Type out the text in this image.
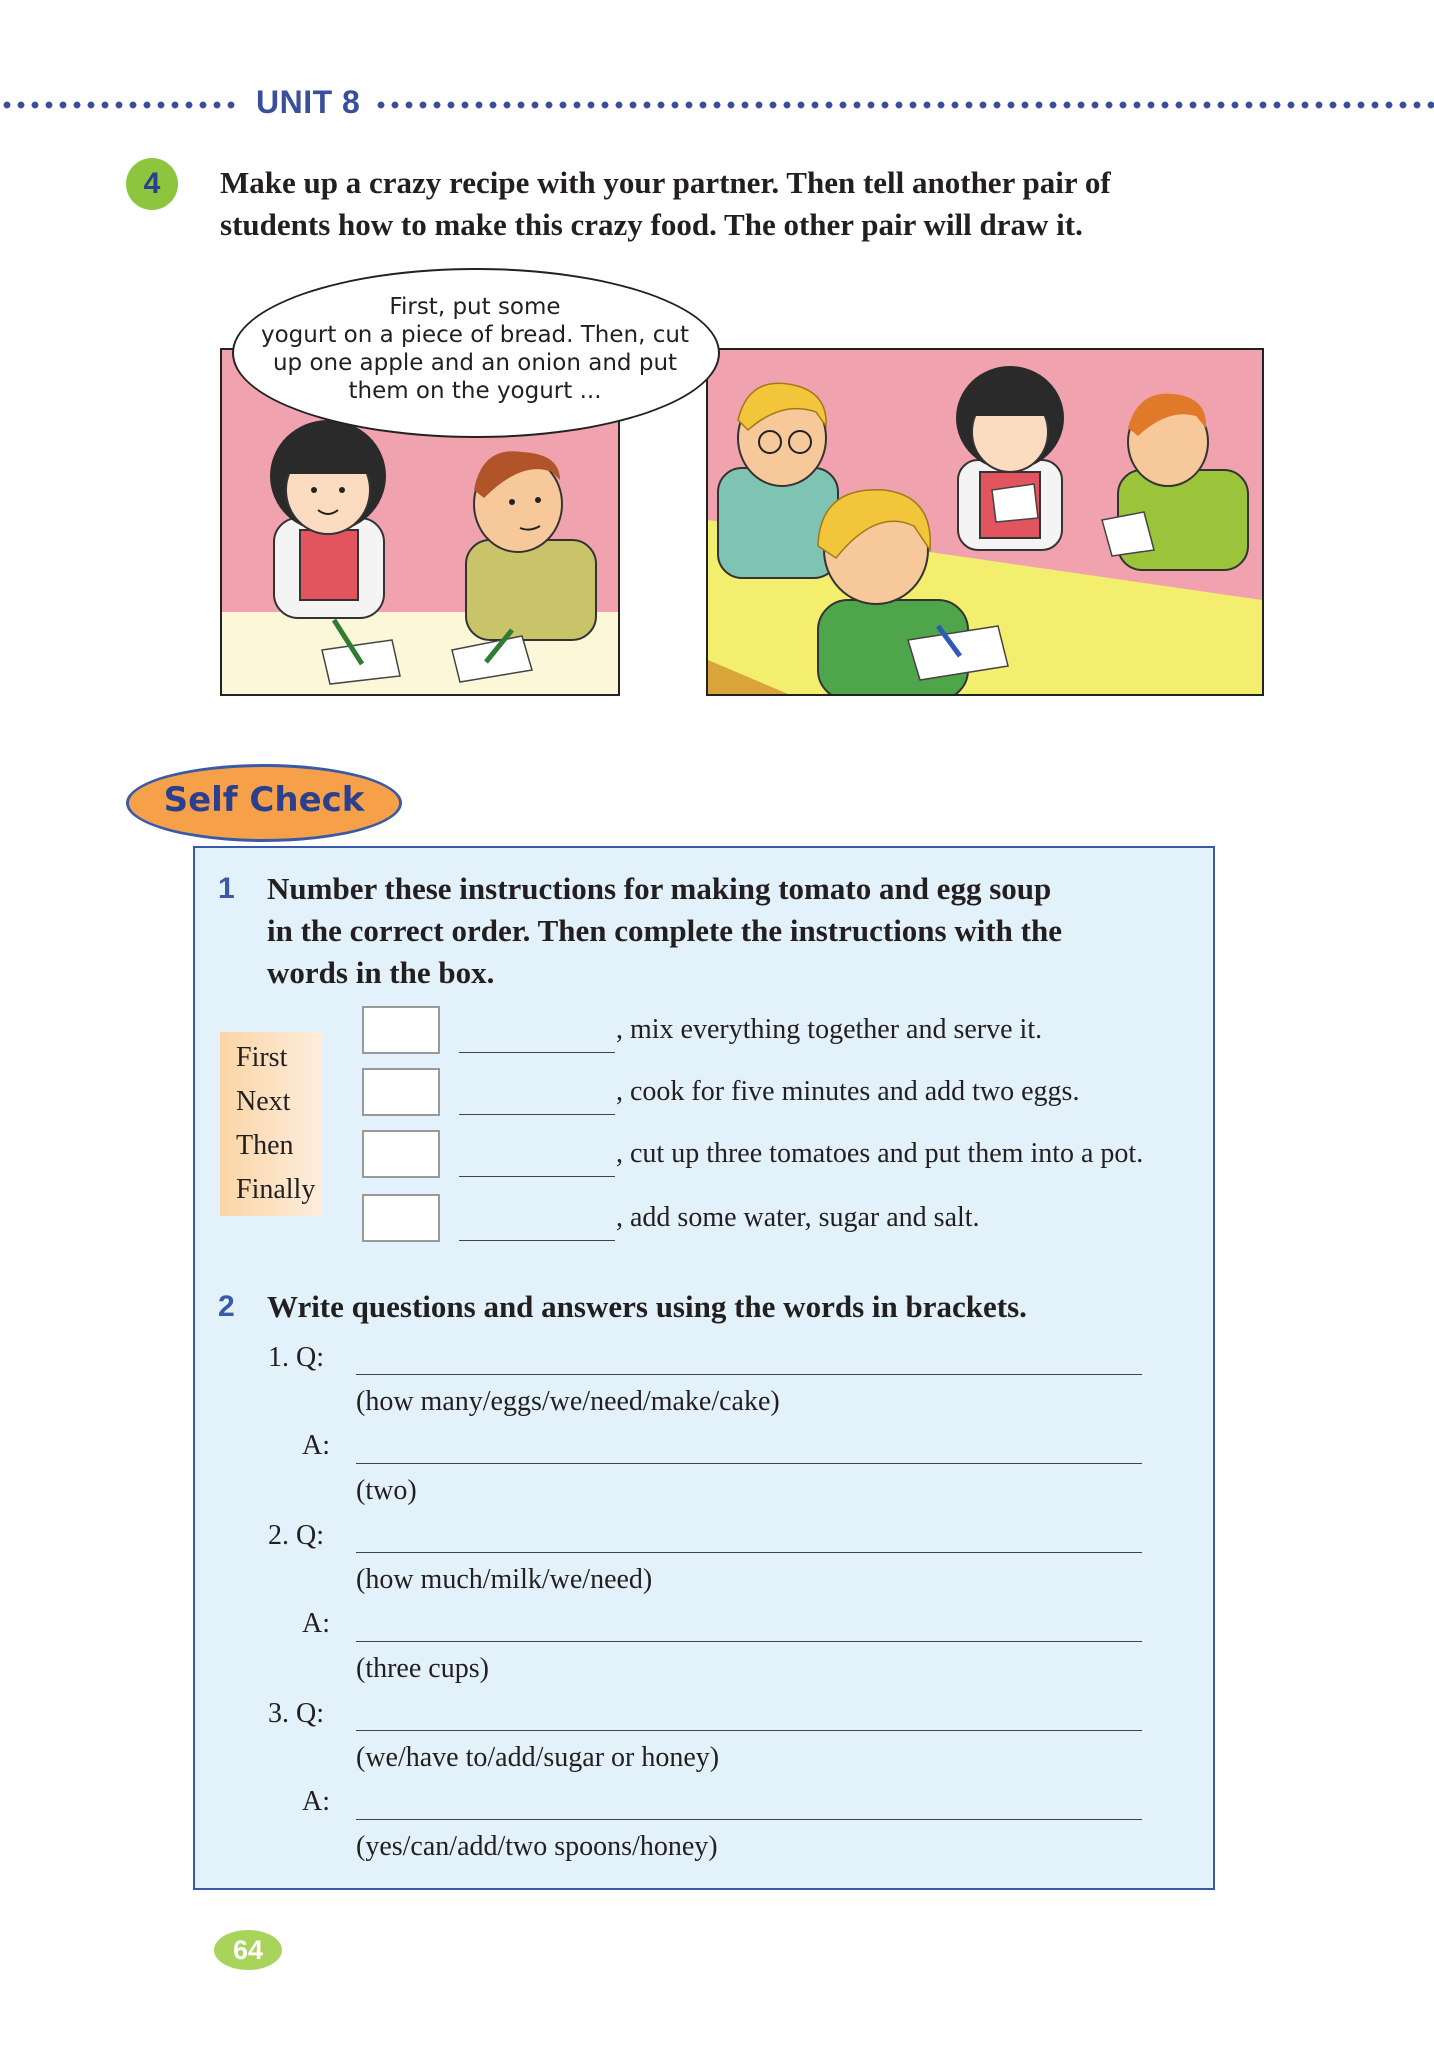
UNIT 8
4	Make up a crazy recipe with your partner. Then tell another pair of
students how to make this crazy food. The other pair will draw it.
First, put some
yogurt on a piece of bread. Then, cut
up one apple and an onion and put
them on the yogurt ...
Self Check
1 Number these instructions for making tomato and egg soup
in the correct order. Then complete the instructions with the
words in the box.
First
Next
Then
Finally
, mix everything together and serve it.
, cook for five minutes and add two eggs.
, cut up three tomatoes and put them into a pot.
, add some water, sugar and salt.
2 Write questions and answers using the words in brackets.
1. Q:
(how many/eggs/we/need/make/cake)
A:
(two)
2. Q:
(how much/milk/we/need)
A:
(three cups)
3. Q:
(we/have to/add/sugar or honey)
A:
(yes/can/add/two spoons/honey)
64
